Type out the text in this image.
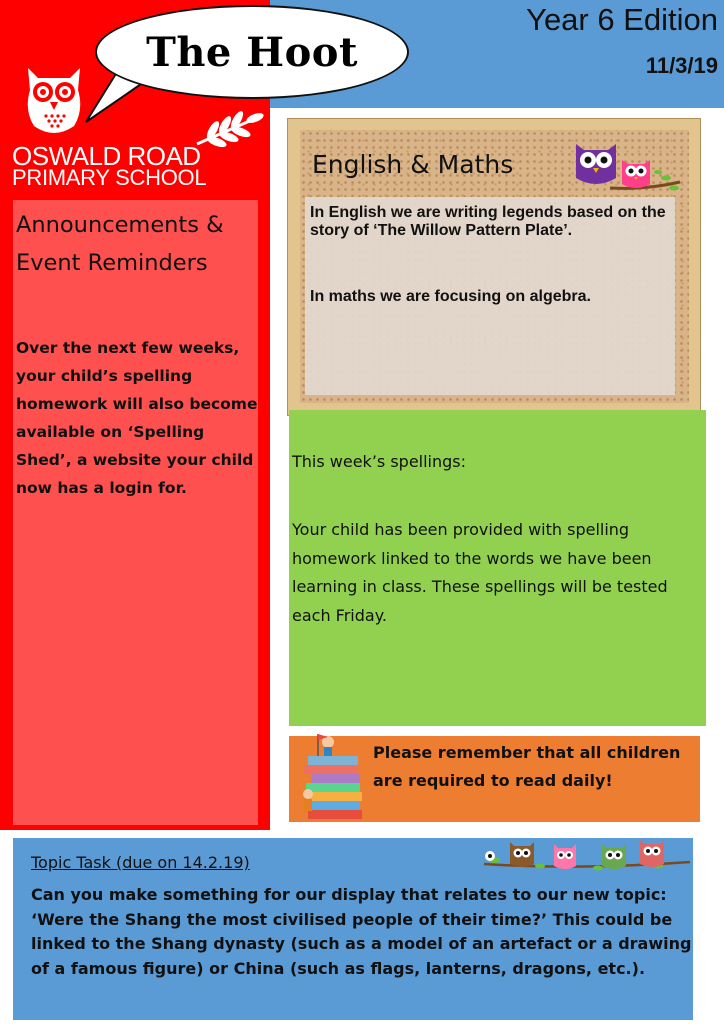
The Hoot
Year 6 Edition
11/3/19
OSWALD ROAD
PRIMARY SCHOOL
Announcements & Event Reminders
Over the next few weeks, your child’s spelling homework will also become available on ‘Spelling Shed’, a website your child now has a login for.
English & Maths
In English we are writing legends based on the story of ‘The Willow Pattern Plate’.
In maths we are focusing on algebra.
This week’s spellings:
Your child has been provided with spelling homework linked to the words we have been learning in class. These spellings will be tested each Friday.
Please remember that all children are required to read daily!
Topic Task (due on 14.2.19)
Can you make something for our display that relates to our new topic: ‘Were the Shang the most civilised people of their time?’ This could be linked to the Shang dynasty (such as a model of an artefact or a drawing of a famous figure) or China (such as flags, lanterns, dragons, etc.).
